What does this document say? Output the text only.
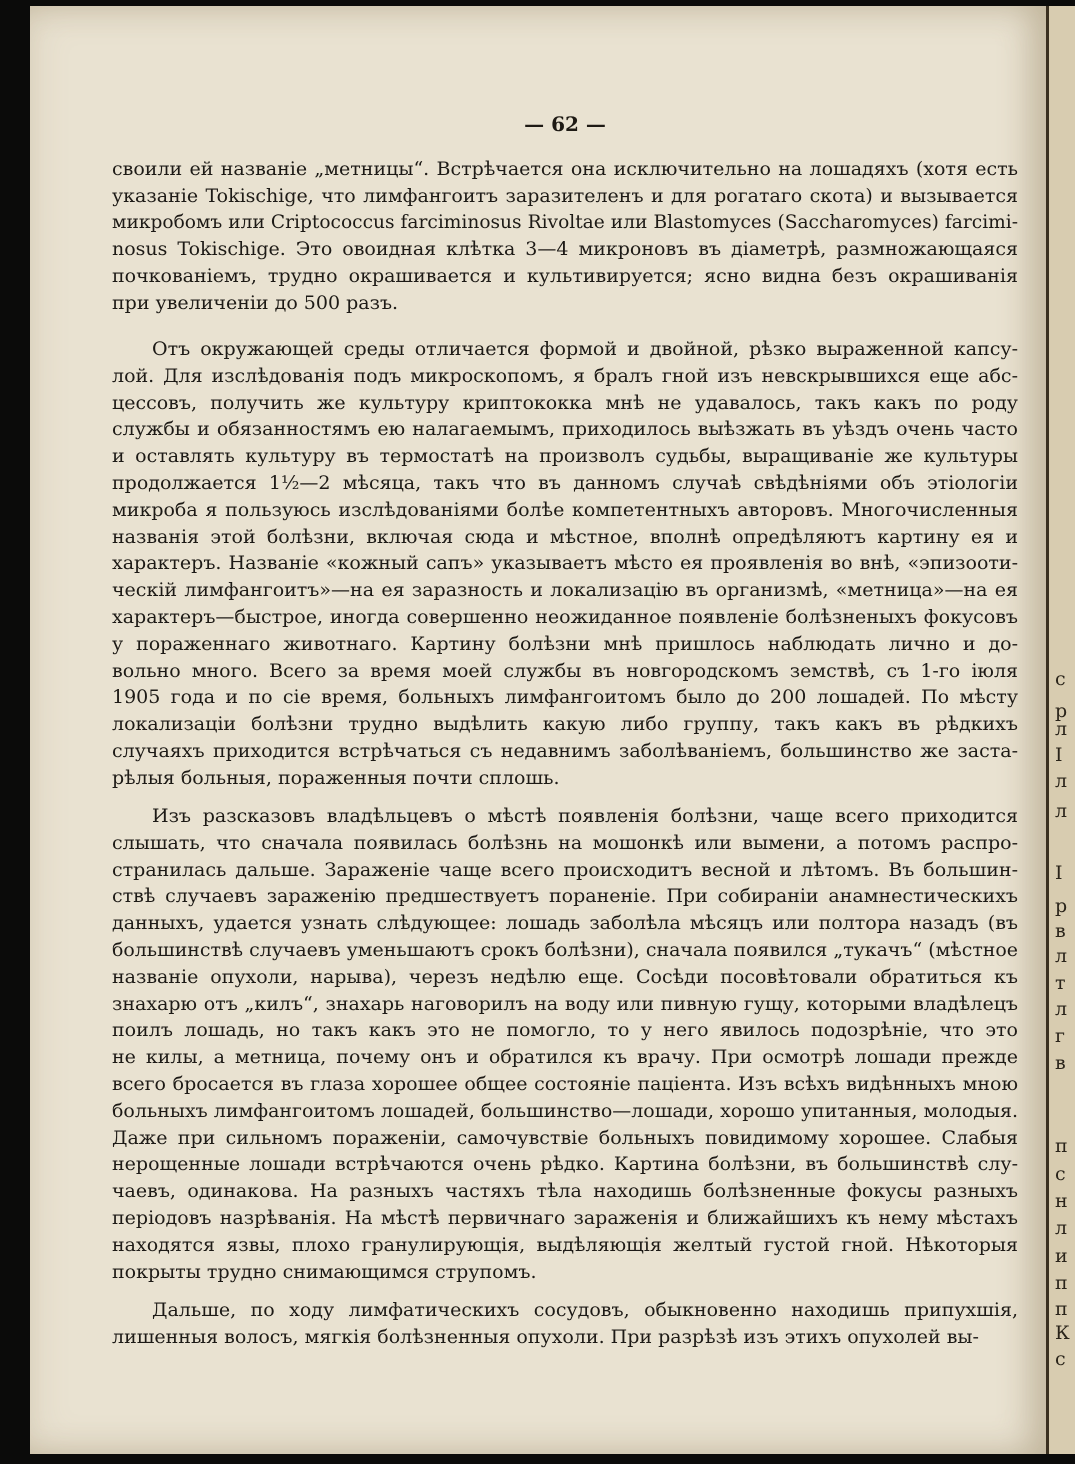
с
р
л
I
л
л
I
р
в
л
т
л
г
в
п
с
н
л
и
п
п
К
с
— 62 —
своили ей названіе „метницы“. Встрѣчается она исключительно на лошадяхъ (хотя есть
указаніе Tokischige, что лимфангоитъ заразителенъ и для рогатаго скота) и вызывается
микробомъ или Criptococcus farciminosus Rivoltae или Blastomyces (Saccharomyces) farcimi-
nosus Tokischige. Это овоидная клѣтка 3—4 микроновъ въ діаметрѣ, размножающаяся
почкованіемъ, трудно окрашивается и культивируется; ясно видна безъ окрашиванія
при увеличеніи до 500 разъ.
Отъ окружающей среды отличается формой и двойной, рѣзко выраженной капсу-
лой. Для изслѣдованія подъ микроскопомъ, я бралъ гной изъ невскрывшихся еще абс-
цессовъ, получить же культуру криптококка мнѣ не удавалось, такъ какъ по роду
службы и обязанностямъ ею налагаемымъ, приходилось выѣзжать въ уѣздъ очень часто
и оставлять культуру въ термостатѣ на произволъ судьбы, выращиваніе же культуры
продолжается 1½—2 мѣсяца, такъ что въ данномъ случаѣ свѣдѣніями объ этіологіи
микроба я пользуюсь изслѣдованіями болѣе компетентныхъ авторовъ. Многочисленныя
названія этой болѣзни, включая сюда и мѣстное, вполнѣ опредѣляютъ картину ея и
характеръ. Названіе «кожный сапъ» указываетъ мѣсто ея проявленія во внѣ, «эпизооти-
ческій лимфангоитъ»—на ея заразность и локализацію въ организмѣ, «метница»—на ея
характеръ—быстрое, иногда совершенно неожиданное появленіе болѣзненыхъ фокусовъ
у пораженнаго животнаго. Картину болѣзни мнѣ пришлось наблюдать лично и до-
вольно много. Всего за время моей службы въ новгородскомъ земствѣ, съ 1-го іюля
1905 года и по сіе время, больныхъ лимфангоитомъ было до 200 лошадей. По мѣсту
локализаціи болѣзни трудно выдѣлить какую либо группу, такъ какъ въ рѣдкихъ
случаяхъ приходится встрѣчаться съ недавнимъ заболѣваніемъ, большинство же заста-
рѣлыя больныя, пораженныя почти сплошь.
Изъ разсказовъ владѣльцевъ о мѣстѣ появленія болѣзни, чаще всего приходится
слышать, что сначала появилась болѣзнь на мошонкѣ или вымени, а потомъ распро-
странилась дальше. Зараженіе чаще всего происходитъ весной и лѣтомъ. Въ большин-
ствѣ случаевъ зараженію предшествуетъ пораненіе. При собираніи анамнестическихъ
данныхъ, удается узнать слѣдующее: лошадь заболѣла мѣсяцъ или полтора назадъ (въ
большинствѣ случаевъ уменьшаютъ срокъ болѣзни), сначала появился „тукачъ“ (мѣстное
названіе опухоли, нарыва), черезъ недѣлю еще. Сосѣди посовѣтовали обратиться къ
знахарю отъ „килъ“, знахарь наговорилъ на воду или пивную гущу, которыми владѣлецъ
поилъ лошадь, но такъ какъ это не помогло, то у него явилось подозрѣніе, что это
не килы, а метница, почему онъ и обратился къ врачу. При осмотрѣ лошади прежде
всего бросается въ глаза хорошее общее состояніе паціента. Изъ всѣхъ видѣнныхъ мною
больныхъ лимфангоитомъ лошадей, большинство—лошади, хорошо упитанныя, молодыя.
Даже при сильномъ пораженіи, самочувствіе больныхъ повидимому хорошее. Слабыя
нерощенные лошади встрѣчаются очень рѣдко. Картина болѣзни, въ большинствѣ слу-
чаевъ, одинакова. На разныхъ частяхъ тѣла находишь болѣзненные фокусы разныхъ
періодовъ назрѣванія. На мѣстѣ первичнаго зараженія и ближайшихъ къ нему мѣстахъ
находятся язвы, плохо гранулирующія, выдѣляющія желтый густой гной. Нѣкоторыя
покрыты трудно снимающимся струпомъ.
Дальше, по ходу лимфатическихъ сосудовъ, обыкновенно находишь припухшія,
лишенныя волосъ, мягкія болѣзненныя опухоли. При разрѣзѣ изъ этихъ опухолей вы-
